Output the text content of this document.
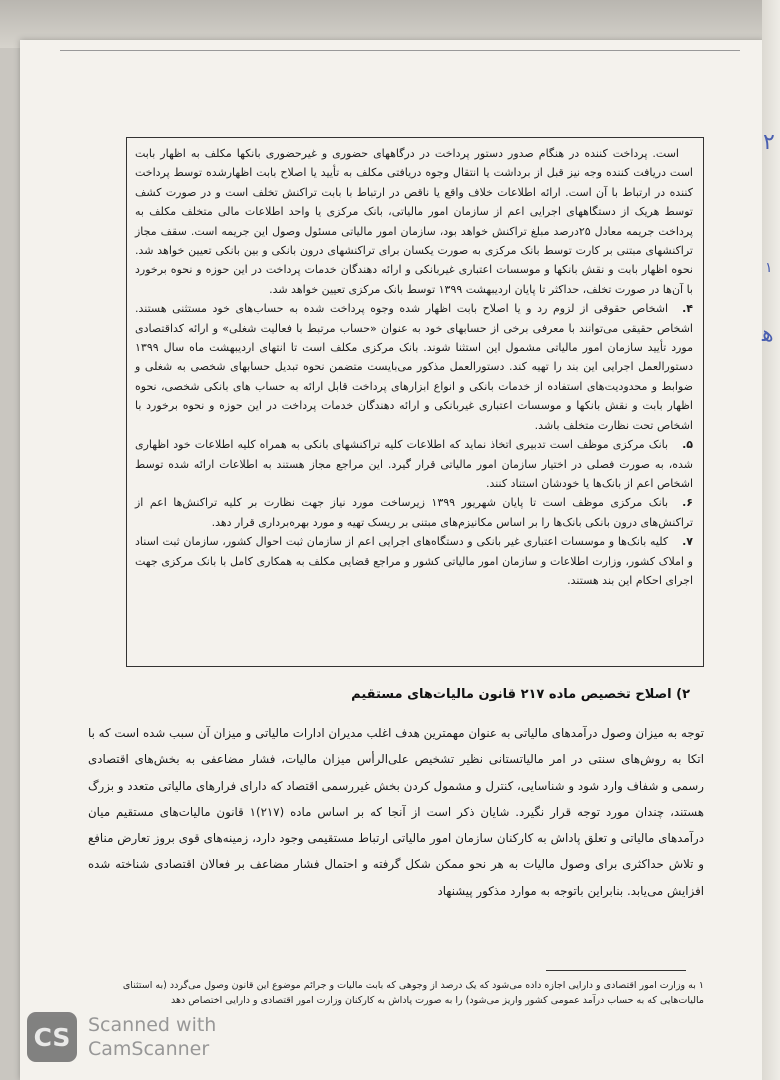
٢
١
ﻫ

است. پرداخت کننده در هنگام صدور دستور پرداخت در درگاههای حضوری و غیرحضوری بانکها مکلف به اظهار بابت است دریافت کننده وجه نیز قبل از برداشت یا انتقال وجوه دریافتی مکلف به تأیید یا اصلاح بابت اظهارشده توسط پرداخت کننده در ارتباط با آن است. ارائه اطلاعات خلاف واقع یا ناقص در ارتباط با بابت تراکنش تخلف است و در صورت کشف توسط هریک از دستگاههای اجرایی اعم از سازمان امور مالیاتی، بانک مرکزی یا واحد اطلاعات مالی متخلف مکلف به پرداخت جریمه معادل ۲۵درصد مبلغ تراکنش خواهد بود، سازمان امور مالیاتی مسئول وصول این جریمه است. سقف مجاز تراکنشهای مبتنی بر کارت توسط بانک مرکزی به صورت یکسان برای تراکنشهای درون بانکی و بین بانکی تعیین خواهد شد. نحوه اظهار بابت و نقش بانکها و موسسات اعتباری غیربانکی و ارائه دهندگان خدمات پرداخت در این حوزه و نحوه برخورد با آن‌ها در صورت تخلف، حداکثر تا پایان اردیبهشت ۱۳۹۹ توسط بانک مرکزی تعیین خواهد شد.

۴.اشخاص حقوقی از لزوم رد و یا اصلاح بابت اظهار شده وجوه پرداخت شده به حساب‌های خود مستثنی هستند. اشخاص حقیقی می‌توانند با معرفی برخی از حسابهای خود به عنوان «حساب مرتبط با فعالیت شغلی» و ارائه کداقتصادی مورد تأیید سازمان امور مالیاتی مشمول این استثنا شوند. بانک مرکزی مکلف است تا انتهای اردیبهشت ماه سال ۱۳۹۹ دستورالعمل اجرایی این بند را تهیه کند. دستورالعمل مذکور می‌بایست متضمن نحوه تبدیل حسابهای شخصی به شغلی و ضوابط و محدودیت‌های استفاده از خدمات بانکی و انواع ابزارهای پرداخت قابل ارائه به حساب های بانکی شخصی، نحوه اظهار بابت و نقش بانکها و موسسات اعتباری غیربانکی و ارائه دهندگان خدمات پرداخت در این حوزه و نحوه برخورد با اشخاص تحت نظارت متخلف باشد.

۵.بانک مرکزی موظف است تدبیری اتخاذ نماید که اطلاعات کلیه تراکنشهای بانکی به همراه کلیه اطلاعات خود اظهاری شده، به صورت فصلی در اختیار سازمان امور مالیاتی قرار گیرد. این مراجع مجاز هستند به اطلاعات ارائه شده توسط اشخاص اعم از بانک‌ها یا خودشان استناد کنند.

۶.بانک مرکزی موظف است تا پایان شهریور ۱۳۹۹ زیرساخت‌ مورد نیاز جهت نظارت بر کلیه تراکنش‌ها اعم از تراکنش‌های درون بانکی بانک‌ها را بر اساس مکانیزم‌های مبتنی بر ریسک تهیه و مورد بهره‌برداری قرار دهد.

۷.کلیه بانک‌ها و موسسات اعتباری غیر بانکی و دستگاه‌های اجرایی اعم از سازمان ثبت احوال کشور، سازمان ثبت اسناد و املاک کشور، وزارت اطلاعات و سازمان امور مالیاتی کشور و مراجع قضایی مکلف به همکاری کامل با بانک مرکزی جهت اجرای احکام این بند هستند.

۲) اصلاح تخصیص ماده ۲۱۷ قانون مالیات‌های مستقیم

توجه به میزان وصول درآمدهای مالیاتی به عنوان مهمترین هدف اغلب مدیران ادارات مالیاتی و میزان آن سبب شده است که با اتکا به روش‌های سنتی در امر مالیاتستانی نظیر تشخیص علی‌الرأس میزان مالیات، فشار مضاعفی به بخش‌های اقتصادی رسمی و شفاف وارد شود و شناسایی، کنترل و مشمول کردن بخش غیررسمی اقتصاد که دارای فرارهای مالیاتی متعدد و بزرگ هستند، چندان مورد توجه قرار نگیرد. شایان ذکر است از آنجا که بر اساس ماده (۲۱۷)۱ قانون مالیات‌های مستقیم میان درآمدهای مالیاتی و تعلق پاداش به کارکنان سازمان امور مالیاتی ارتباط مستقیمی وجود دارد، زمینه‌های قوی بروز تعارض منافع و تلاش حداکثری برای وصول مالیات به هر نحو ممکن شکل گرفته و احتمال فشار مضاعف بر فعالان اقتصادی شناخته شده افزایش می‌یابد. بنابراین باتوجه به موارد مذکور پیشنهاد

۱ به وزارت امور اقتصادی و دارایی اجازه داده می‌شود که یک درصد از وجوهی که بابت مالیات و جرائم موضوع این قانون وصول می‌گردد (به استثنای مالیات‌هایی که به حساب درآمد عمومی کشور واریز می‌شود) را به صورت پاداش به کارکنان وزارت امور اقتصادی و دارایی اختصاص دهد
CS Scanned with
CamScanner
